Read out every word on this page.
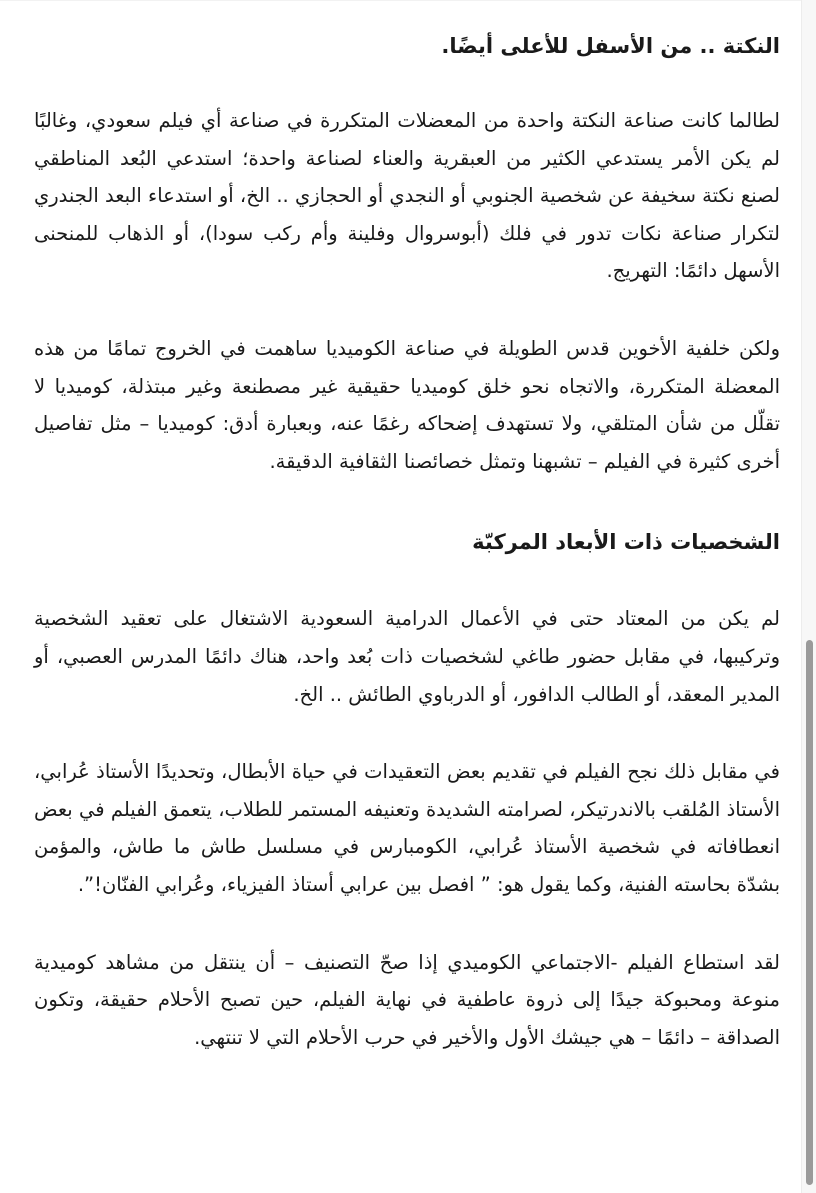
النكتة .. من الأسفل للأعلى أيضًا.

لطالما كانت صناعة النكتة واحدة من المعضلات المتكررة في صناعة أي فيلم سعودي، وغالبًا لم يكن الأمر يستدعي الكثير من العبقرية والعناء لصناعة واحدة؛ استدعي البُعد المناطقي لصنع نكتة سخيفة عن شخصية الجنوبي أو النجدي أو الحجازي .. الخ، أو استدعاء البعد الجندري لتكرار صناعة نكات تدور في فلك (أبوسروال وفلينة وأم ركب سودا)، أو الذهاب للمنحنى الأسهل دائمًا: التهريج.

ولكن خلفية الأخوين قدس الطويلة في صناعة الكوميديا ساهمت في الخروج تمامًا من هذه المعضلة المتكررة، والاتجاه نحو خلق كوميديا حقيقية غير مصطنعة وغير مبتذلة، كوميديا لا تقلّل من شأن المتلقي، ولا تستهدف إضحاكه رغمًا عنه، وبعبارة أدق: كوميديا – مثل تفاصيل أخرى كثيرة في الفيلم – تشبهنا وتمثل خصائصنا الثقافية الدقيقة.

الشخصيات ذات الأبعاد المركبّة

لم يكن من المعتاد حتى في الأعمال الدرامية السعودية الاشتغال على تعقيد الشخصية وتركيبها، في مقابل حضور طاغي لشخصيات ذات بُعد واحد، هناك دائمًا المدرس العصبي، أو المدير المعقد، أو الطالب الدافور، أو الدرباوي الطائش .. الخ.

في مقابل ذلك نجح الفيلم في تقديم بعض التعقيدات في حياة الأبطال، وتحديدًا الأستاذ عُرابي، الأستاذ المُلقب بالاندرتيكر، لصرامته الشديدة وتعنيفه المستمر للطلاب، يتعمق الفيلم في بعض انعطافاته في شخصية الأستاذ عُرابي، الكومبارس في مسلسل طاش ما طاش، والمؤمن بشدّة بحاسته الفنية، وكما يقول هو: ” افصل بين عرابي أستاذ الفيزياء، وعُرابي الفنّان!”.

لقد استطاع الفيلم -الاجتماعي الكوميدي إذا صحّ التصنيف – أن ينتقل من مشاهد كوميدية منوعة ومحبوكة جيدًا إلى ذروة عاطفية في نهاية الفيلم، حين تصبح الأحلام حقيقة، وتكون الصداقة – دائمًا – هي جيشك الأول والأخير في حرب الأحلام التي لا تنتهي.
